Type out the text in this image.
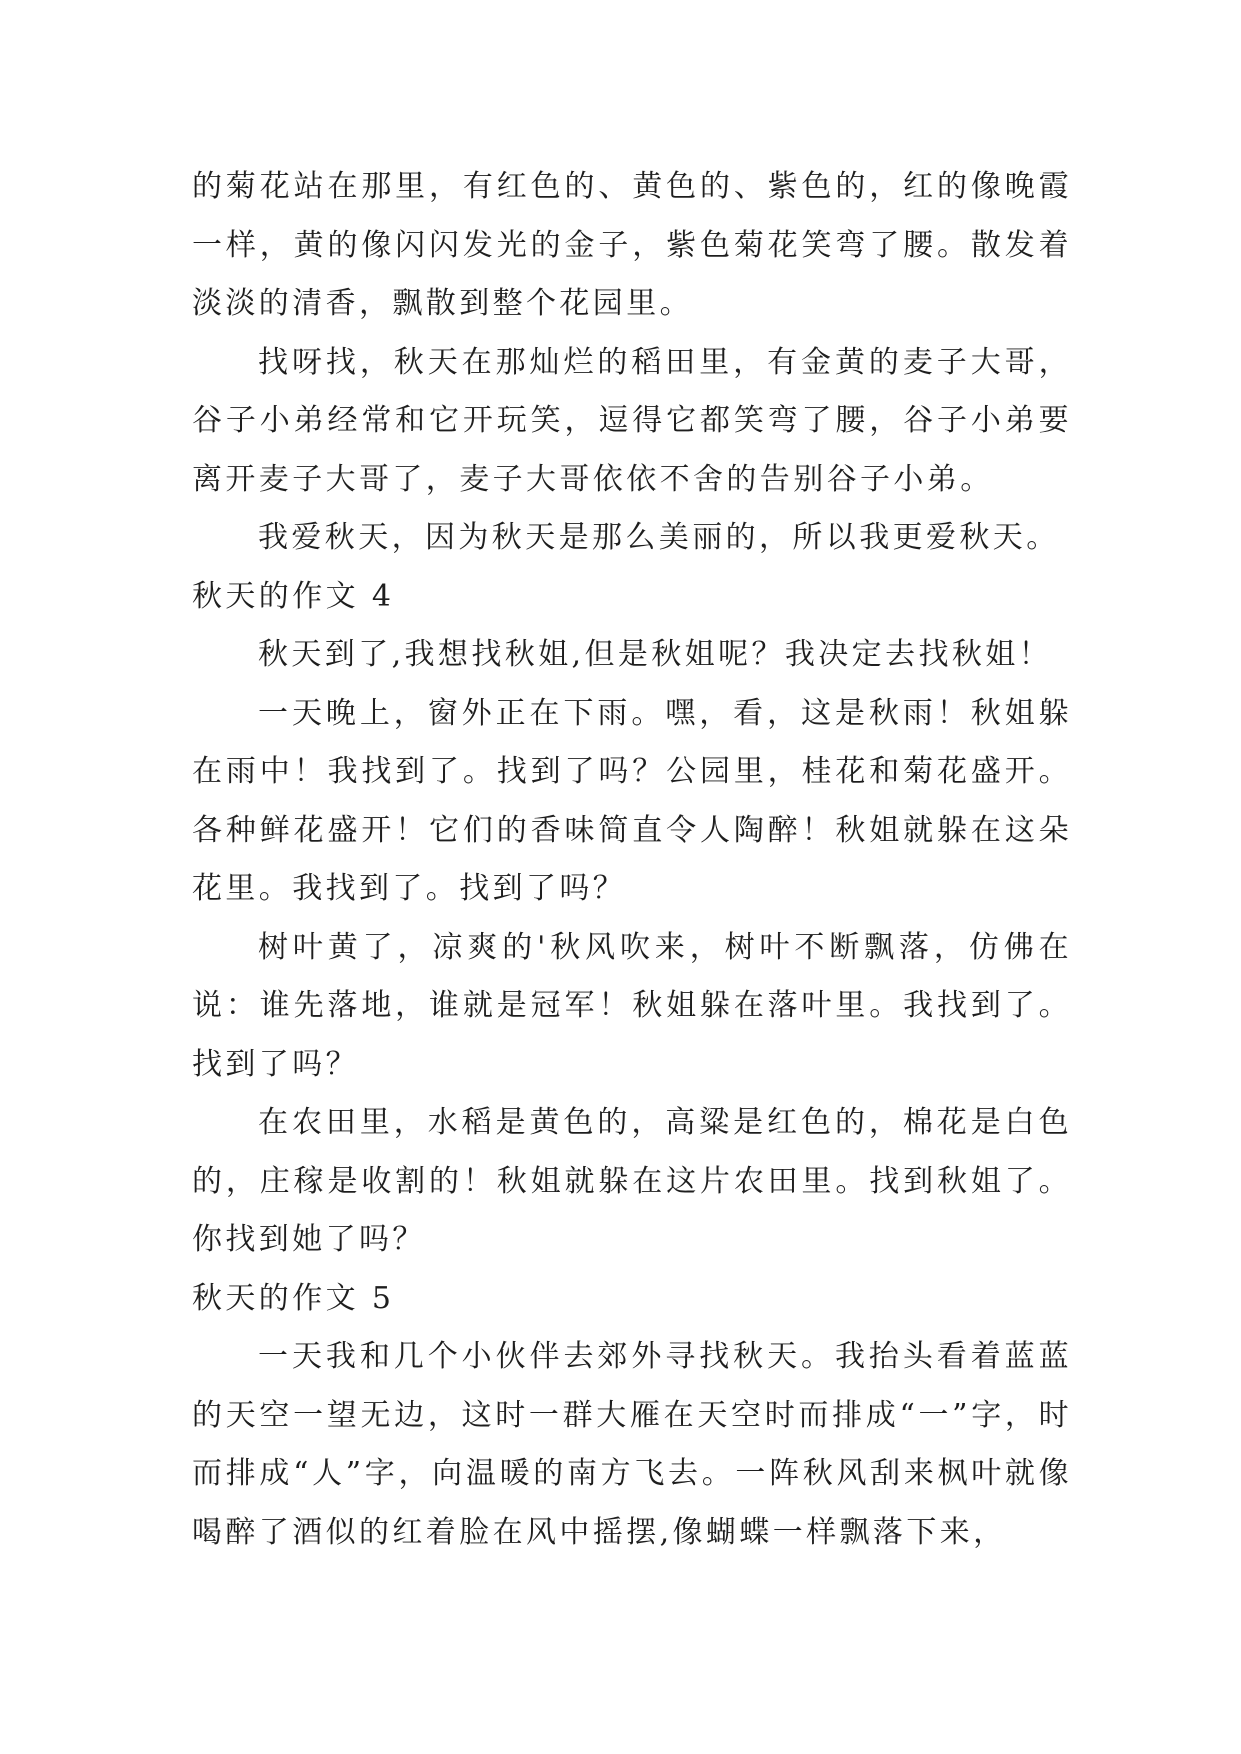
的菊花站在那里，有红色的、黄色的、紫色的，红的像晚霞一样，黄的像闪闪发光的金子，紫色菊花笑弯了腰。散发着淡淡的清香，飘散到整个花园里。

找呀找，秋天在那灿烂的稻田里，有金黄的麦子大哥，谷子小弟经常和它开玩笑，逗得它都笑弯了腰，谷子小弟要离开麦子大哥了，麦子大哥依依不舍的告别谷子小弟。

我爱秋天，因为秋天是那么美丽的，所以我更爱秋天。

秋天的作文 4

秋天到了,我想找秋姐,但是秋姐呢？我决定去找秋姐！

一天晚上，窗外正在下雨。嘿，看，这是秋雨！秋姐躲在雨中！我找到了。找到了吗？公园里，桂花和菊花盛开。各种鲜花盛开！它们的香味简直令人陶醉！秋姐就躲在这朵花里。我找到了。找到了吗？

树叶黄了，凉爽的'秋风吹来，树叶不断飘落，仿佛在说：谁先落地，谁就是冠军！秋姐躲在落叶里。我找到了。找到了吗？

在农田里，水稻是黄色的，高粱是红色的，棉花是白色的，庄稼是收割的！秋姐就躲在这片农田里。找到秋姐了。你找到她了吗？

秋天的作文 5

一天我和几个小伙伴去郊外寻找秋天。我抬头看着蓝蓝的天空一望无边，这时一群大雁在天空时而排成“一”字，时而排成“人”字，向温暖的南方飞去。一阵秋风刮来枫叶就像喝醉了酒似的红着脸在风中摇摆,像蝴蝶一样飘落下来，
